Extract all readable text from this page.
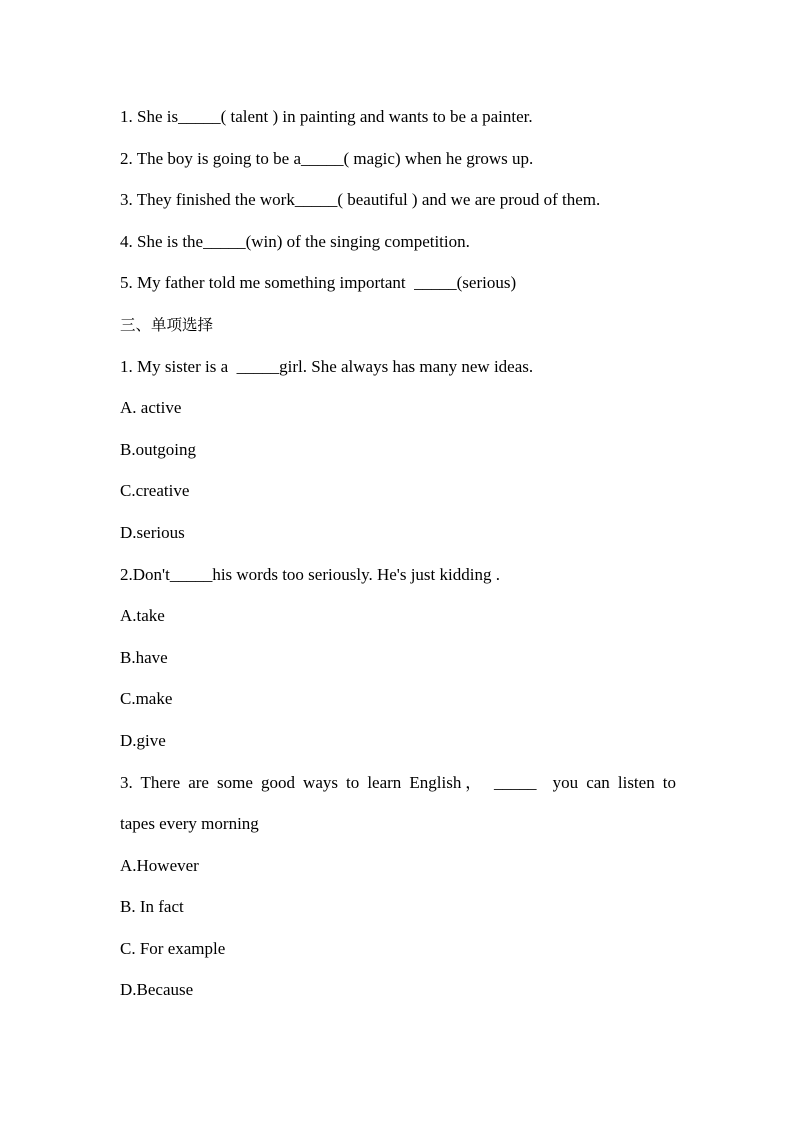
1. She is_____( talent ) in painting and wants to be a painter.
2. The boy is going to be a_____( magic) when he grows up.
3. They finished the work_____( beautiful ) and we are proud of them.
4. She is the_____(win) of the singing competition.
5. My father told me something important  _____(serious)
三、单项选择
1. My sister is a  _____girl. She always has many new ideas.
A. active
B.outgoing
C.creative
D.serious
2.Don't_____his words too seriously. He's just kidding .
A.take
B.have
C.make
D.give
3. There are some good ways to learn English， _____  you can listen to
tapes every morning
A.However
B. In fact
C. For example
D.Because
